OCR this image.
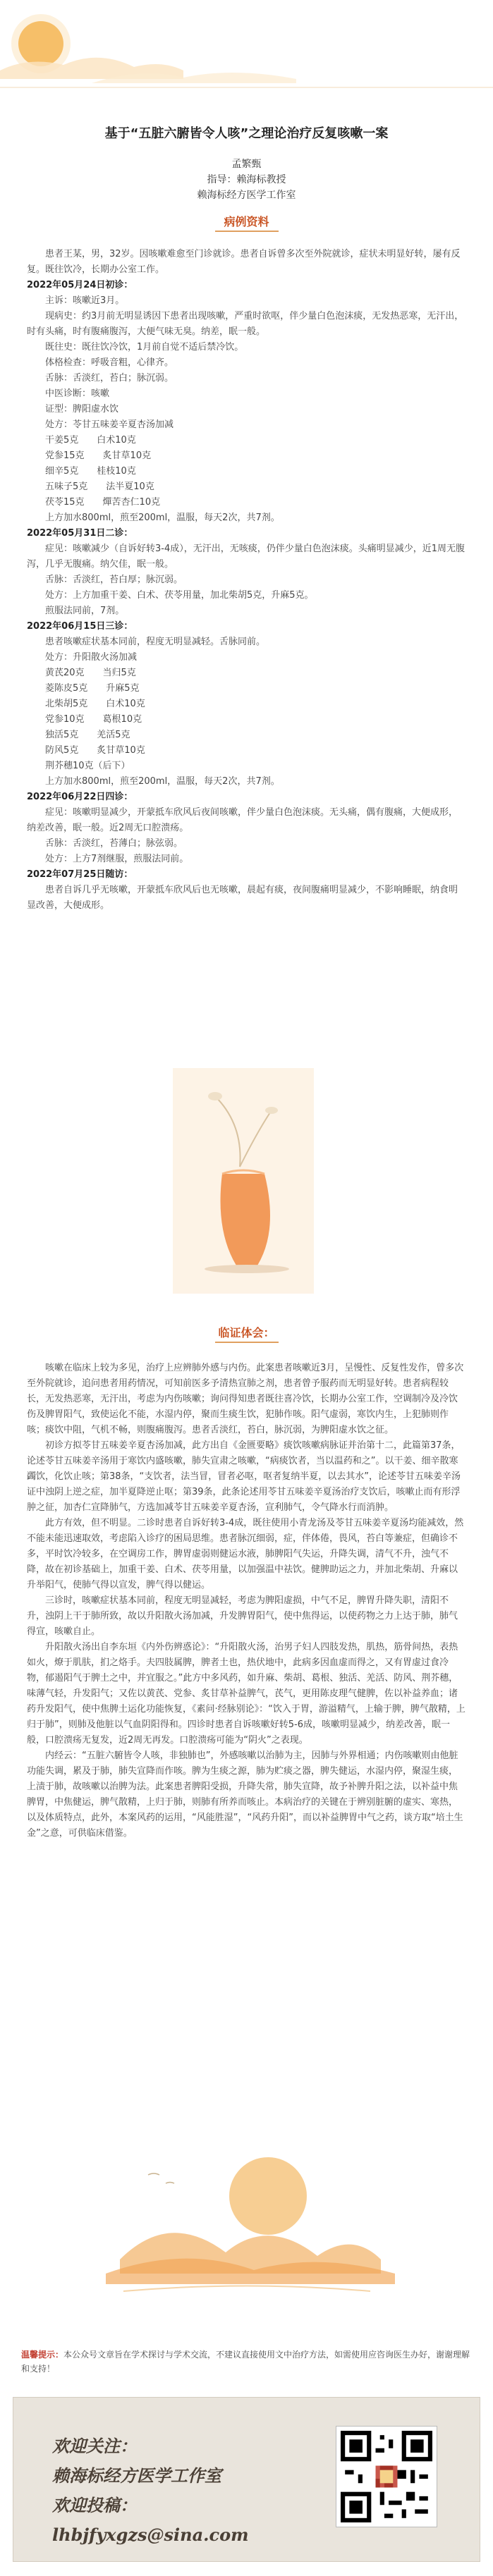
基于“五脏六腑皆令人咳”之理论治疗反复咳嗽一案
孟繁甄
指导：赖海标教授
赖海标经方医学工作室
病例资料

患者王某，男，32岁。因咳嗽难愈至门诊就诊。患者自诉曾多次至外院就诊，症状未明显好转，屡有反复。既往饮冷，长期办公室工作。

2022年05月24日初诊：

主诉：咳嗽近3月。

现病史：约3月前无明显诱因下患者出现咳嗽，严重时欲呕，伴少量白色泡沫痰，无发热恶寒，无汗出，时有头痛，时有腹痛腹泻，大便气味无臭。纳差，眠一般。

既往史：既往饮冷饮，1月前自觉不适后禁冷饮。

体格检查：呼吸音粗，心律齐。

舌脉：舌淡红，苔白；脉沉弱。

中医诊断：咳嗽

证型：脾阳虚水饮

处方：苓甘五味姜辛夏杏汤加减

干姜5克　　白术10克

党参15克　　炙甘草10克

细辛5克　　桂枝10克

五味子5克　　法半夏10克

茯苓15克　　燀苦杏仁10克

上方加水800ml，煎至200ml，温服，每天2次，共7剂。

2022年05月31日二诊：

症见：咳嗽减少（自诉好转3-4成），无汗出，无咳痰，仍伴少量白色泡沫痰。头痛明显减少，近1周无腹泻，几乎无腹痛。纳欠佳，眠一般。

舌脉：舌淡红，苔白厚；脉沉弱。

处方：上方加重干姜、白术、茯苓用量，加北柴胡5克，升麻5克。

煎服法同前，7剂。

2022年06月15日三诊：

患者咳嗽症状基本同前，程度无明显减轻。舌脉同前。

处方：升阳散火汤加减

黄芪20克　　当归5克

菱陈皮5克　　升麻5克

北柴胡5克　　白术10克

党参10克　　葛根10克

独活5克　　羌活5克

防风5克　　炙甘草10克

荆芥穗10克（后下）

上方加水800ml，煎至200ml，温服，每天2次，共7剂。

2022年06月22日四诊：

症见：咳嗽明显减少，开蒙抵车欣风后夜间咳嗽，伴少量白色泡沫痰。无头痛，偶有腹痛，大便成形，纳差改善，眠一般。近2周无口腔溃疡。

舌脉：舌淡红，苔薄白；脉弦弱。

处方：上方7剂继服，煎服法同前。

2022年07月25日随访：

患者自诉几乎无咳嗽，开蒙抵车欣风后也无咳嗽，晨起有痰，夜间腹痛明显减少，不影响睡眠，纳食明显改善，大便成形。

临证体会：

咳嗽在临床上较为多见，治疗上应辨肺外感与内伤。此案患者咳嗽近3月，呈慢性、反复性发作，曾多次至外院就诊，追问患者用药情况，可知前医多予清热宣肺之剂，患者曾予服药而无明显好转。患者病程较长，无发热恶寒，无汗出，考虑为内伤咳嗽；询问得知患者既往喜冷饮，长期办公室工作，空调制冷及冷饮伤及脾胃阳气，致使运化不能，水湿内停，聚而生痰生饮，犯肺作咳。阳气虚弱，寒饮内生，上犯肺则作咳；痰饮中阻，气机不畅，则腹痛腹泻。患者舌淡红，苔白，脉沉弱，为脾阳虚水饮之征。

初诊方拟苓甘五味姜辛夏杏汤加减，此方出自《金匮要略》痰饮咳嗽病脉证并治第十二，此篇第37条，论述苓甘五味姜辛汤用于寒饮内盛咳嗽，肺失宣肃之咳嗽，“病痰饮者，当以温药和之”。以干姜、细辛散寒蠲饮，化饮止咳；第38条，“支饮者，法当冒，冒者必呕，呕者复纳半夏，以去其水”，论述苓甘五味姜辛汤证中浊阴上逆之症，加半夏降逆止呕；第39条，此条论述用苓甘五味姜辛夏汤治疗支饮后，咳嗽止而有形浮肿之征，加杏仁宣降肺气，方选加减苓甘五味姜辛夏杏汤，宣利肺气，令气降水行而消肿。

此方有效，但不明显。二诊时患者自诉好转3-4成，既往使用小青龙汤及苓甘五味姜辛夏汤均能减效，然不能未能迅速取效，考虑陷入诊疗的困局思维。患者脉沉细弱，症，伴体倦，畏风，苔白等兼症，但确诊不多，平时饮冷较多，在空调房工作，脾胃虚弱则健运水液，肺脾阳气失运，升降失调，清气不升，浊气不降，故在初诊基础上，加重干姜、白术、茯苓用量，以加强温中祛饮。健脾助运之力，并加北柴胡、升麻以升举阳气，使肺气得以宣发，脾气得以健运。

三诊时，咳嗽症状基本同前，程度无明显减轻，考虑为脾阳虚损，中气不足，脾胃升降失职，清阳不升，浊阴上干于肺所致，故以升阳散火汤加减，升发脾胃阳气，使中焦得运，以使药物之力上达于肺，肺气得宣，咳嗽自止。

升阳散火汤出自李东垣《内外伤辨惑论》：“升阳散火汤，治男子妇人四肢发热，肌热，筋骨间热，表热如火，燎于肌肤，扪之烙手。夫四肢属脾，脾者土也，热伏地中，此病多因血虚而得之，又有胃虚过食冷物，郁遏阳气于脾土之中，并宜服之。”此方中多风药，如升麻、柴胡、葛根、独活、羌活、防风、荆芥穗，味薄气轻，升发阳气；又佐以黄芪、党参、炙甘草补益脾气，芪气，更用陈皮理气健脾，佐以补益养血；诸药升发阳气，使中焦脾土运化功能恢复，《素问·经脉别论》：“饮入于胃，游溢精气，上输于脾，脾气散精，上归于肺”，则肺及他脏以气血阴阳得和。四诊时患者自诉咳嗽好转5-6成，咳嗽明显减少，纳差改善，眠一般，口腔溃疡无复发，近2周无再发。口腔溃疡可能为“阴火”之表现。

内经云：“五脏六腑皆令人咳，非独肺也”，外感咳嗽以治肺为主，因肺与外界相通；内伤咳嗽则由他脏功能失调，累及于肺，肺失宣降而作咳。脾为生痰之源，肺为贮痰之器，脾失健运，水湿内停，聚湿生痰，上渍于肺，故咳嗽以治脾为法。此案患者脾阳受损，升降失常，肺失宣降，故予补脾升阳之法，以补益中焦脾胃，中焦健运，脾气散精，上归于肺，则肺有所养而咳止。本病治疗的关键在于辨别脏腑的虚实、寒热，以及体质特点，此外，本案风药的运用，“风能胜湿”，“风药升阳”，而以补益脾胃中气之药，谈方取“培土生金”之意，可供临床借鉴。

温馨提示：本公众号文章旨在学术探讨与学术交流，不建议直接使用文中治疗方法，如需使用应咨询医生办好，谢谢理解和支持！
欢迎关注：
赖海标经方医学工作室
欢迎投稿：
lhbjfyxgzs@sina.com
